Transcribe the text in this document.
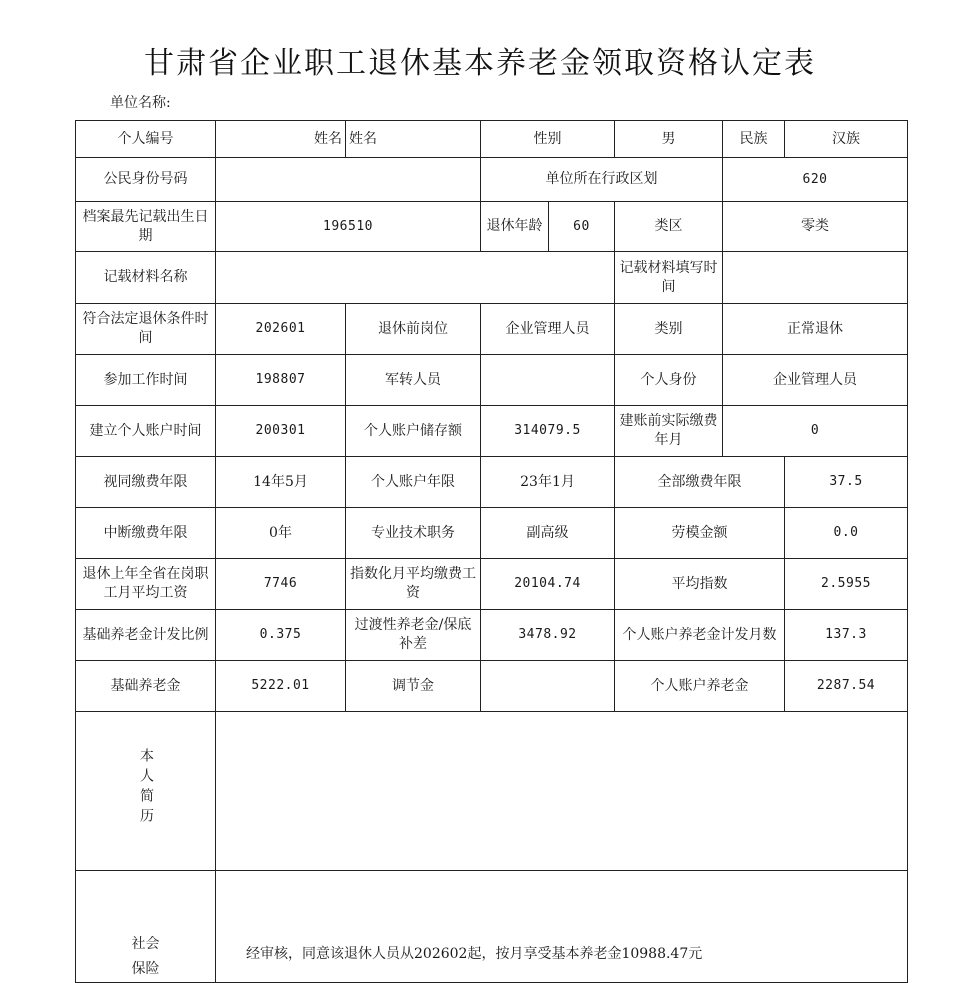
甘肃省企业职工退休基本养老金领取资格认定表
单位名称:
个人编号	姓名	姓名	性别		男	民族	汉族
公民身份号码			单位所在行政区划			620	
档案最先记载出生日期	196510		退休年龄	60	类区	零类	
记载材料名称					记载材料填写时间		
符合法定退休条件时间	202601	退休前岗位	企业管理人员		类别	正常退休	
参加工作时间	198807	军转人员			个人身份	企业管理人员	
建立个人账户时间	200301	个人账户储存额	314079.5		建账前实际缴费年月	0	
视同缴费年限	14年5月	个人账户年限	23年1月		全部缴费年限		37.5
中断缴费年限	0年	专业技术职务	副高级		劳模金额		0.0
退休上年全省在岗职工月平均工资	7746	指数化月平均缴费工资	20104.74		平均指数		2.5955
基础养老金计发比例	0.375	过渡性养老金/保底补差	3478.92		个人账户养老金计发月数		137.3
基础养老金	5222.01	调节金			个人账户养老金		2287.54
本人简历							

社会
保险	经审核，同意该退休人员从202602起，按月享受基本养老金10988.47元						
